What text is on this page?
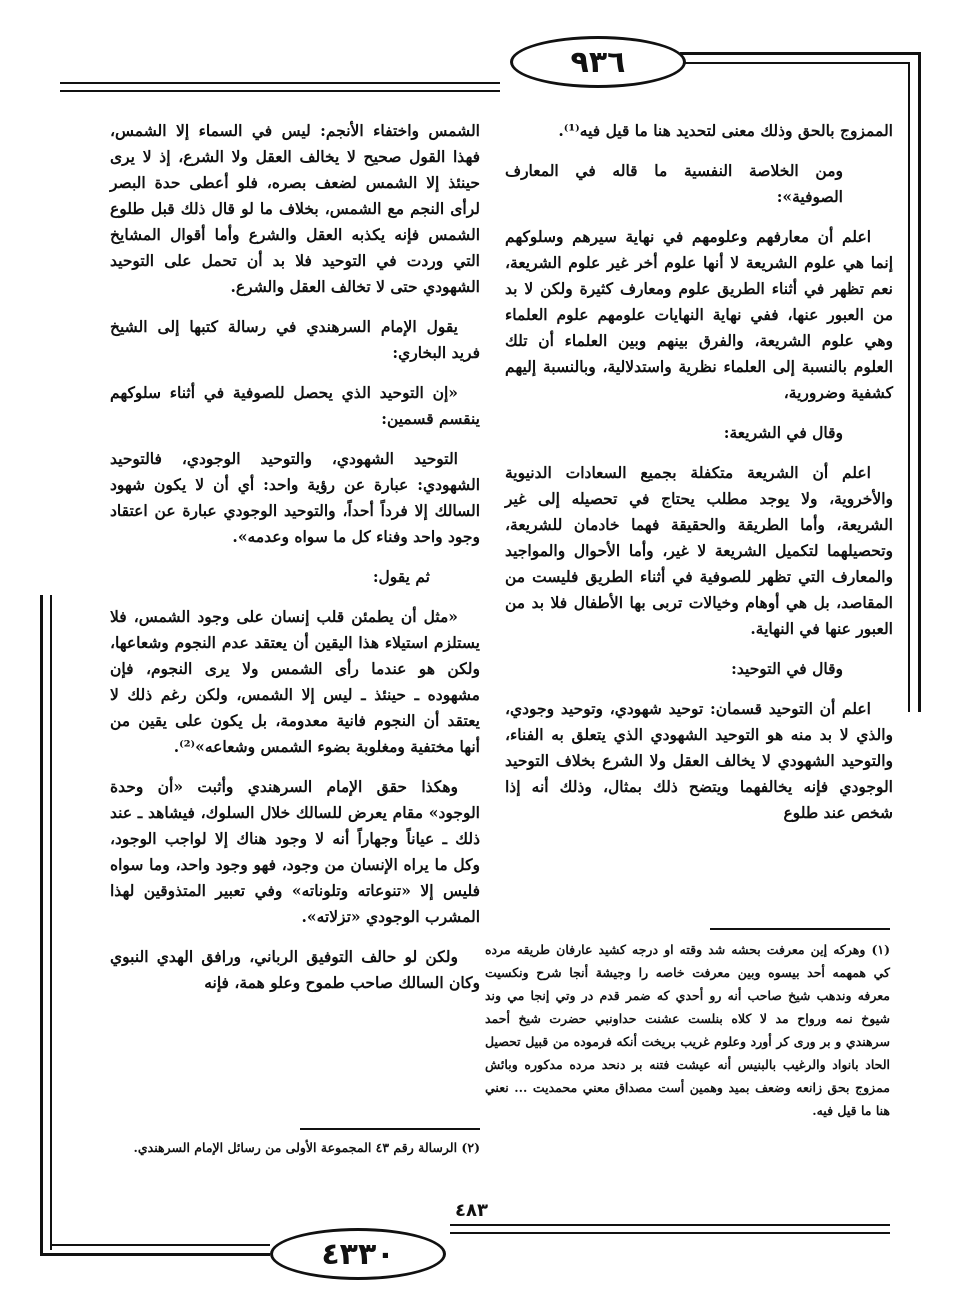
٩٣٦
٤٣٣٠

الممزوج بالحق وذلك معنى لتحديد هنا ما قيل فيه⁽¹⁾.

ومن الخلاصة النفسية ما قاله في المعارف الصوفية»:

اعلم أن معارفهم وعلومهم في نهاية سيرهم وسلوكهم إنما هي علوم الشريعة لا أنها علوم أخر غير علوم الشريعة، نعم تظهر في أثناء الطريق علوم ومعارف كثيرة ولكن لا بد من العبور عنها، ففي نهاية النهايات علومهم علوم العلماء وهي علوم الشريعة، والفرق بينهم وبين العلماء أن تلك العلوم بالنسبة إلى العلماء نظرية واستدلالية، وبالنسبة إليهم كشفية وضرورية،

وقال في الشريعة:

اعلم أن الشريعة متكفلة بجميع السعادات الدنيوية والأخروية، ولا يوجد مطلب يحتاج في تحصيله إلى غير الشريعة، وأما الطريقة والحقيقة فهما خادمان للشريعة، وتحصيلهما لتكميل الشريعة لا غير، وأما الأحوال والمواجيد والمعارف التي تظهر للصوفية في أثناء الطريق فليست من المقاصد، بل هي أوهام وخيالات تربى بها الأطفال فلا بد من العبور عنها في النهاية.

وقال في التوحيد:

اعلم أن التوحيد قسمان: توحيد شهودي، وتوحيد وجودي، والذي لا بد منه هو التوحيد الشهودي الذي يتعلق به الفناء، والتوحيد الشهودي لا يخالف العقل ولا الشرع بخلاف التوحيد الوجودي فإنه يخالفهما ويتضح ذلك بمثال، وذلك أنه إذا شخص عند طلوع

الشمس واختفاء الأنجم: ليس في السماء إلا الشمس، فهذا القول صحيح لا يخالف العقل ولا الشرع، إذ لا يرى حينئذ إلا الشمس لضعف بصره، فلو أعطى حدة البصر لرأى النجم مع الشمس، بخلاف ما لو قال ذلك قبل طلوع الشمس فإنه يكذبه العقل والشرع وأما أقوال المشايخ التي وردت في التوحيد فلا بد أن تحمل على التوحيد الشهودي حتى لا تخالف العقل والشرع.

يقول الإمام السرهندي في رسالة كتبها إلى الشيخ فريد البخاري:

«إن التوحيد الذي يحصل للصوفية في أثناء سلوكهم ينقسم قسمين:

التوحيد الشهودي، والتوحيد الوجودي، فالتوحيد الشهودي: عبارة عن رؤية واحد: أي أن لا يكون شهود السالك إلا فرداً أحداً، والتوحيد الوجودي عبارة عن اعتقاد وجود واحد وفناء كل ما سواه وعدمه».

ثم يقول:

«مثل أن يطمئن قلب إنسان على وجود الشمس، فلا يستلزم استيلاء هذا اليقين أن يعتقد عدم النجوم وشعاعها، ولكن هو عندما رأى الشمس ولا يرى النجوم، فإن مشهوده ـ حينئذ ـ ليس إلا الشمس، ولكن رغم ذلك لا يعتقد أن النجوم فانية معدومة، بل يكون على يقين من أنها مختفية ومغلوبة بضوء الشمس وشعاعه»⁽²⁾.

وهكذا حقق الإمام السرهندي وأثبت «أن وحدة الوجود» مقام يعرض للسالك خلال السلوك، فيشاهد ـ عند ذلك ـ عياناً وجهاراً أنه لا وجود هناك إلا لواجب الوجود، وكل ما يراه الإنسان من وجود، فهو وجود واحد، وما سواه فليس إلا «تنوعاته وتلوناته» وفي تعبير المتذوقين لهذا المشرب الوجودي «تزلاته».

ولكن لو حالف التوفيق الرباني، ورافق الهدي النبوي وكان السالك صاحب طموح وعلو همة، فإنه

(١) وهركه إين معرفت بحشه شد وقته او درجه كشيد عارفان طريقه مرده كي همهمه أحد بيسوه وبين معرفت خاصه را وجيشة أنجا شرح ونكسيت معرفه وندهب شيخ صاحب أنه رو أحدي كه ضمر قدم در وتي إنجا مي وند شيوخ نمه ورواح مد لا كلاه بنلست عشنت حداونبي حضرت شيخ أحمد سرهندي و بر ورى كر أورد وعلوم غريب بريخت أنكه فرموده من قبيل تحصيل الحاد بانواد والرغيب بالبنيس أنه عيشت فتنه بر دنحد مرده مدكوره وبائش ممزوج بحق زانعه وضعف بميد وهمين أست مصداق معني محمديت ... نعني هنا ما قيل فيه.
(٢) الرسالة رقم ٤٣ المجموعة الأولى من رسائل الإمام السرهندي.
٤٨٣
